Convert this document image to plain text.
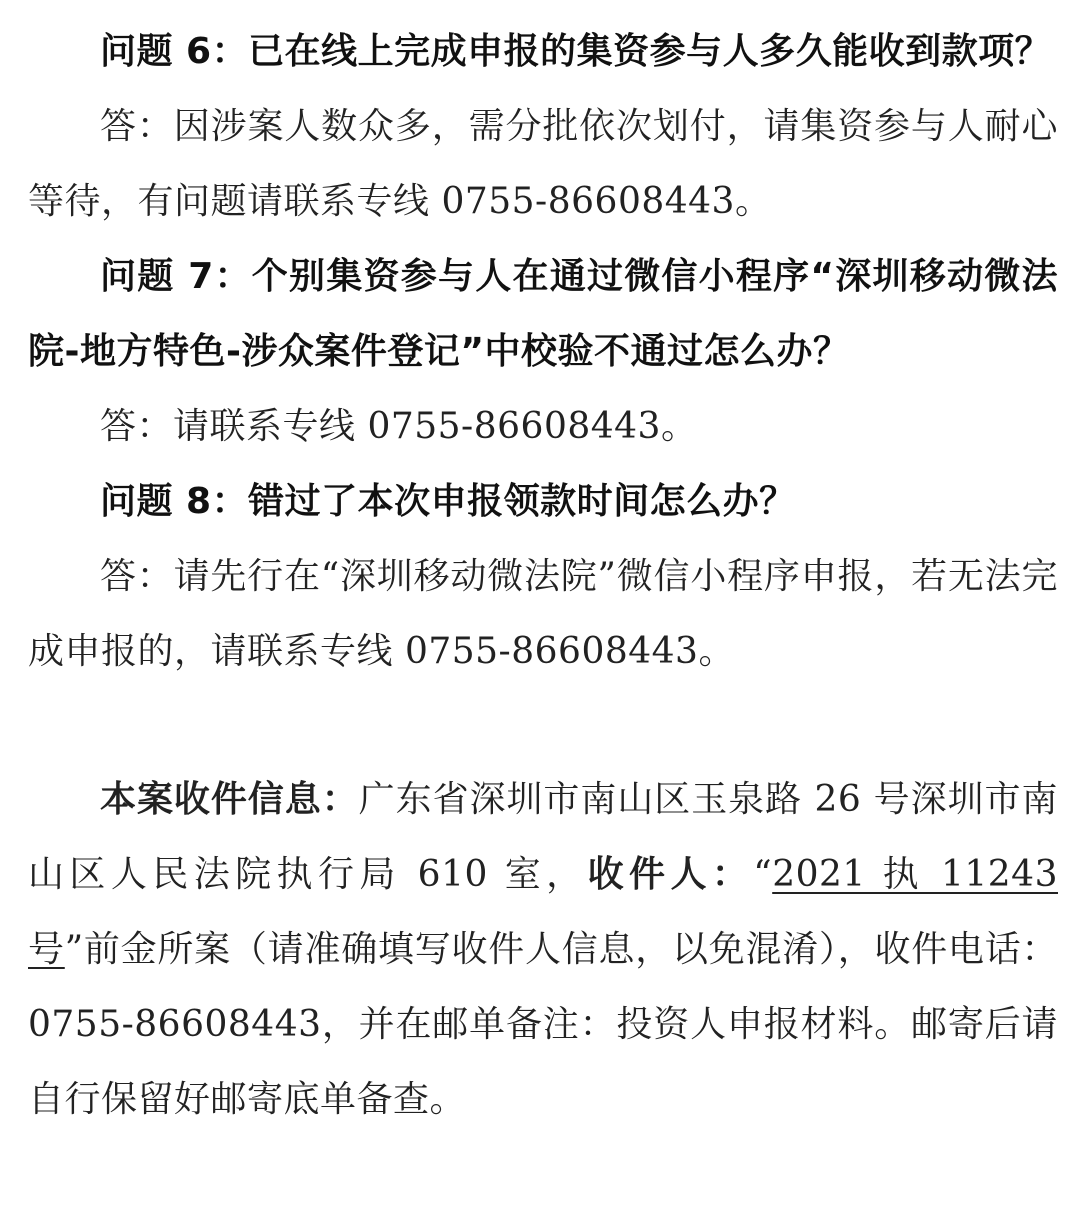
问题 6：已在线上完成申报的集资参与人多久能收到款项？

答：因涉案人数众多，需分批依次划付，请集资参与人耐心等待，有问题请联系专线 0755-86608443。

问题 7：个别集资参与人在通过微信小程序“深圳移动微法院-地方特色-涉众案件登记”中校验不通过怎么办？

答：请联系专线 0755-86608443。

问题 8：错过了本次申报领款时间怎么办？

答：请先行在“深圳移动微法院”微信小程序申报，若无法完成申报的，请联系专线 0755-86608443。

本案收件信息：广东省深圳市南山区玉泉路 26 号深圳市南山区人民法院执行局 610 室，收件人：“2021 执 11243 号”前金所案（请准确填写收件人信息，以免混淆），收件电话：0755-86608443，并在邮单备注：投资人申报材料。邮寄后请自行保留好邮寄底单备查。
